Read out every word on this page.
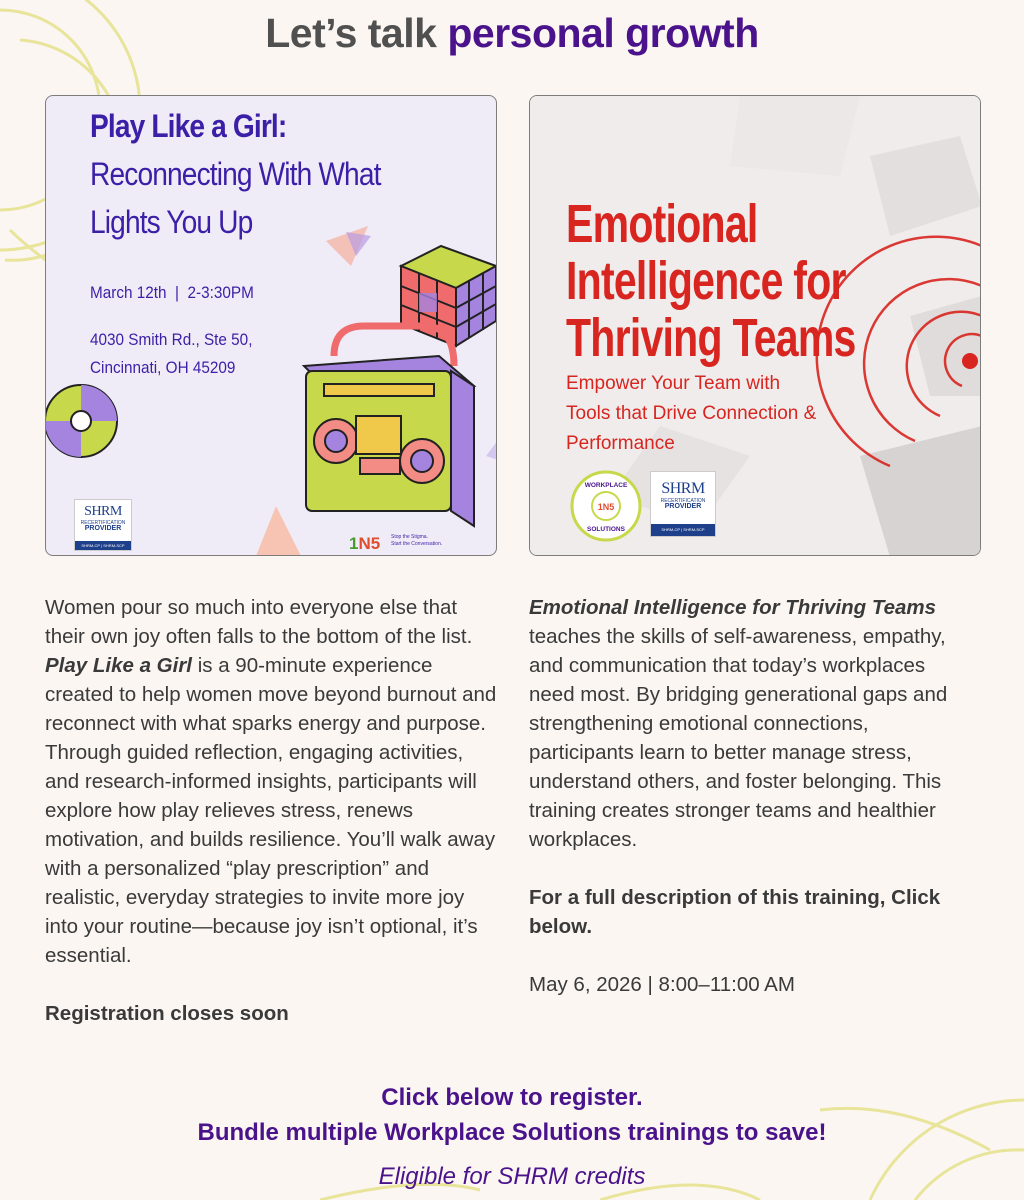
Let’s talk personal growth
Play Like a Girl:
Reconnecting With What
Lights You Up
March 12th  |  2-3:30PM
4030 Smith Rd., Ste 50,
Cincinnati, OH 45209
SHRM
RECERTIFICATION
PROVIDER
SHRM-CP | SHRM-SCP	1N5 Stop the Stigma.
Start the Conversation.
Emotional
Intelligence for
Thriving Teams
Empower Your Team with
Tools that Drive Connection &
Performance
1N5
WORKPLACE
SOLUTIONS
SHRM
RECERTIFICATION
PROVIDER
SHRM-CP | SHRM-SCP

Women pour so much into everyone else that their own joy often falls to the bottom of the list. Play Like a Girl is a 90-minute experience created to help women move beyond burnout and reconnect with what sparks energy and purpose. Through guided reflection, engaging activities, and research-informed insights, participants will explore how play relieves stress, renews motivation, and builds resilience. You’ll walk away with a personalized “play prescription” and realistic, everyday strategies to invite more joy into your routine—because joy isn’t optional, it’s essential.

Registration closes soon

Emotional Intelligence for Thriving Teams teaches the skills of self-awareness, empathy, and communication that today’s workplaces need most. By bridging generational gaps and strengthening emotional connections, participants learn to better manage stress, understand others, and foster belonging. This training creates stronger teams and healthier workplaces.

For a full description of this training, Click below.

May 6, 2026 | 8:00–11:00 AM

Click below to register.
Bundle multiple Workplace Solutions trainings to save!
Eligible for SHRM credits
